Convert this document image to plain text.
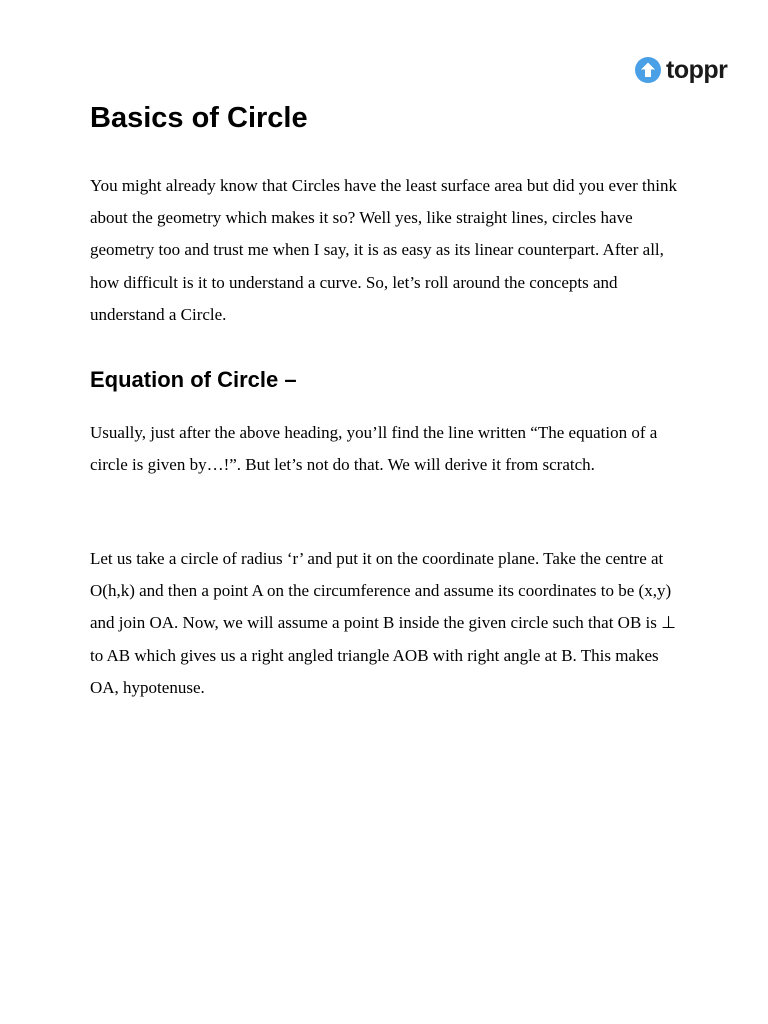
toppr
Basics of Circle

You might already know that Circles have the least surface area but did you ever think about the geometry which makes it so? Well yes, like straight lines, circles have geometry too and trust me when I say, it is as easy as its linear counterpart. After all, how difficult is it to understand a curve. So, let’s roll around the concepts and understand a Circle.

Equation of Circle –

Usually, just after the above heading, you’ll find the line written “The equation of a circle is given by…!”. But let’s not do that. We will derive it from scratch.

Let us take a circle of radius ‘r’ and put it on the coordinate plane. Take the centre at O(h,k) and then a point A on the circumference and assume its coordinates to be (x,y) and join OA. Now, we will assume a point B inside the given circle such that OB is ⊥ to AB which gives us a right angled triangle AOB with right angle at B. This makes OA, hypotenuse.
